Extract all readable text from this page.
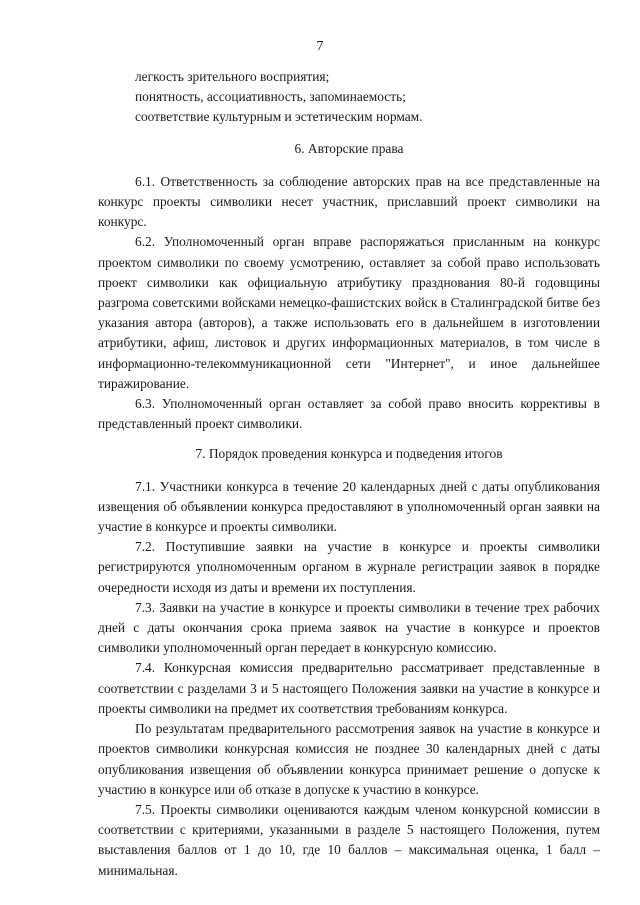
7

легкость зрительного восприятия;

понятность, ассоциативность, запоминаемость;

соответствие культурным и эстетическим нормам.

6. Авторские права

6.1. Ответственность за соблюдение авторских прав на все представленные на конкурс проекты символики несет участник, приславший проект символики на конкурс.

6.2. Уполномоченный орган вправе распоряжаться присланным на конкурс проектом символики по своему усмотрению, оставляет за собой право использовать проект символики как официальную атрибутику празднования 80-й годовщины разгрома советскими войсками немецко-фашистских войск в Сталинградской битве без указания автора (авторов), а также использовать его в дальнейшем в изготовлении атрибутики, афиш, листовок и других информационных материалов, в том числе в информационно-телекоммуникационной сети "Интернет", и иное дальнейшее тиражирование.

6.3. Уполномоченный орган оставляет за собой право вносить коррективы в представленный проект символики.

7. Порядок проведения конкурса и подведения итогов

7.1. Участники конкурса в течение 20 календарных дней с даты опубликования извещения об объявлении конкурса предоставляют в уполномоченный орган заявки на участие в конкурсе и проекты символики.

7.2. Поступившие заявки на участие в конкурсе и проекты символики регистрируются уполномоченным органом в журнале регистрации заявок в порядке очередности исходя из даты и времени их поступления.

7.3. Заявки на участие в конкурсе и проекты символики в течение трех рабочих дней с даты окончания срока приема заявок на участие в конкурсе и проектов символики уполномоченный орган передает в конкурсную комиссию.

7.4. Конкурсная комиссия предварительно рассматривает представленные в соответствии с разделами 3 и 5 настоящего Положения заявки на участие в конкурсе и проекты символики на предмет их соответствия требованиям конкурса.

По результатам предварительного рассмотрения заявок на участие в конкурсе и проектов символики конкурсная комиссия не позднее 30 календарных дней с даты опубликования извещения об объявлении конкурса принимает решение о допуске к участию в конкурсе или об отказе в допуске к участию в конкурсе.

7.5. Проекты символики оцениваются каждым членом конкурсной комиссии в соответствии с критериями, указанными в разделе 5 настоящего Положения, путем выставления баллов от 1 до 10, где 10 баллов – максимальная оценка, 1 балл – минимальная.
